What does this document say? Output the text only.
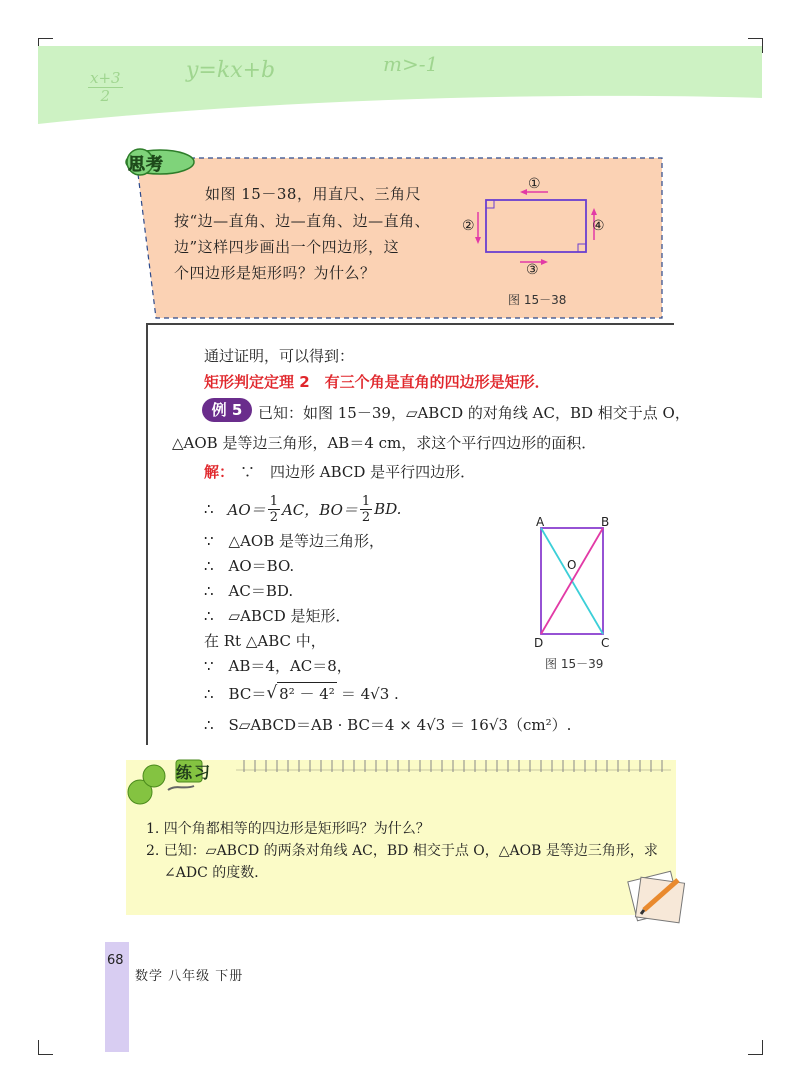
x+3
2
y=kx+b	m>-1
思考
如图 15－38，用直尺、三角尺
按“边—直角、边—直角、边—直角、
边”这样四步画出一个四边形，这
个四边形是矩形吗？为什么？
①
②
③
④
图 15－38
通过证明，可以得到：
矩形判定定理 2　有三个角是直角的四边形是矩形．
例 5	已知：如图 15－39，▱ABCD 的对角线 AC，BD 相交于点 O，
△AOB 是等边三角形，AB＝4 cm，求这个平行四边形的面积．
解： ∵　四边形 ABCD 是平行四边形．
∴ AO＝ 1
2 AC，BO＝ 1
2 BD.
∵　△AOB 是等边三角形，
∴　AO＝BO.
∴　AC＝BD.
∴　▱ABCD 是矩形．
在 Rt △ABC 中，
∵　AB＝4，AC＝8，
∴　BC＝ √ 8² － 4² ＝ 4√3 .
∴　S▱ABCD＝AB · BC＝4 × 4√3 ＝ 16√3（cm²）.
A	B
D	C
O
图 15－39
练习
1. 四个角都相等的四边形是矩形吗？为什么？
2. 已知：▱ABCD 的两条对角线 AC，BD 相交于点 O，△AOB 是等边三角形，求
∠ADC 的度数．
68
数学 八年级 下册
